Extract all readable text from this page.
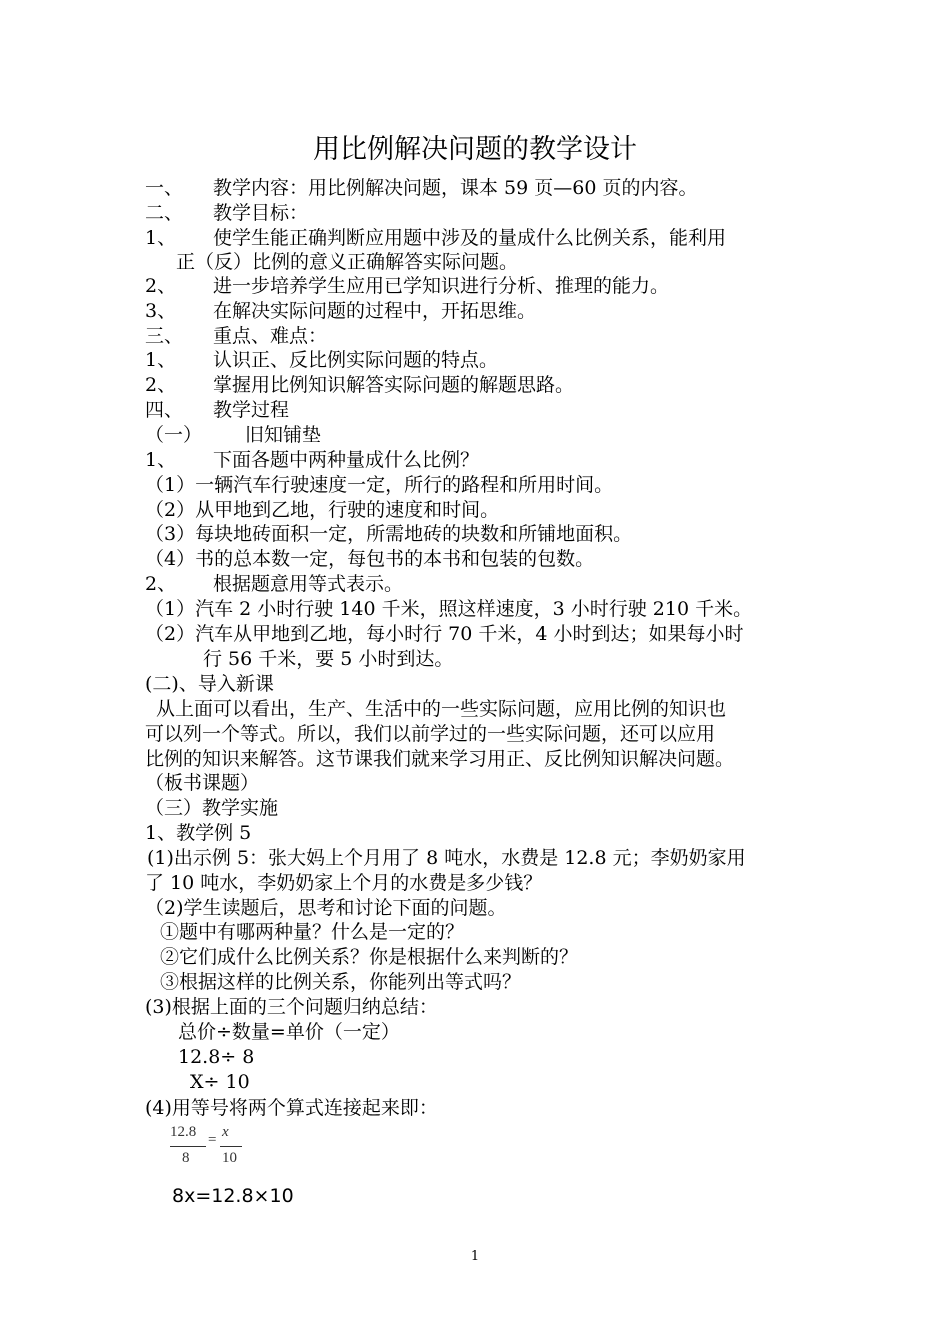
用比例解决问题的教学设计
一、 教学内容：用比例解决问题，课本 59 页—60 页的内容。
二、 教学目标：
1、 使学生能正确判断应用题中涉及的量成什么比例关系，能利用
正（反）比例的意义正确解答实际问题。
2、 进一步培养学生应用已学知识进行分析、推理的能力。
3、 在解决实际问题的过程中，开拓思维。
三、 重点、难点：
1、 认识正、反比例实际问题的特点。
2、 掌握用比例知识解答实际问题的解题思路。
四、 教学过程
（一） 旧知铺垫
1、 下面各题中两种量成什么比例？
（1）一辆汽车行驶速度一定，所行的路程和所用时间。
（2）从甲地到乙地，行驶的速度和时间。
（3）每块地砖面积一定，所需地砖的块数和所铺地面积。
（4）书的总本数一定，每包书的本书和包装的包数。
2、 根据题意用等式表示。
（1）汽车 2 小时行驶 140 千米，照这样速度，3 小时行驶 210 千米。
（2）汽车从甲地到乙地，每小时行 70 千米，4 小时到达；如果每小时
行 56 千米，要 5 小时到达。
(二)、导入新课
从上面可以看出，生产、生活中的一些实际问题，应用比例的知识也
可以列一个等式。所以，我们以前学过的一些实际问题，还可以应用
比例的知识来解答。这节课我们就来学习用正、反比例知识解决问题。
（板书课题）
（三）教学实施
1、教学例 5
(1)出示例 5：张大妈上个月用了 8 吨水，水费是 12.8 元；李奶奶家用
了 10 吨水，李奶奶家上个月的水费是多少钱？
（2)学生读题后，思考和讨论下面的问题。
①题中有哪两种量？什么是一定的？
②它们成什么比例关系？你是根据什么来判断的？
③根据这样的比例关系，你能列出等式吗？
(3)根据上面的三个问题归纳总结：
总价÷数量=单价（一定）
12.8÷ 8
X÷ 10
(4)用等号将两个算式连接起来即：
12.8
8
= x
10
8x=12.8×10
1
